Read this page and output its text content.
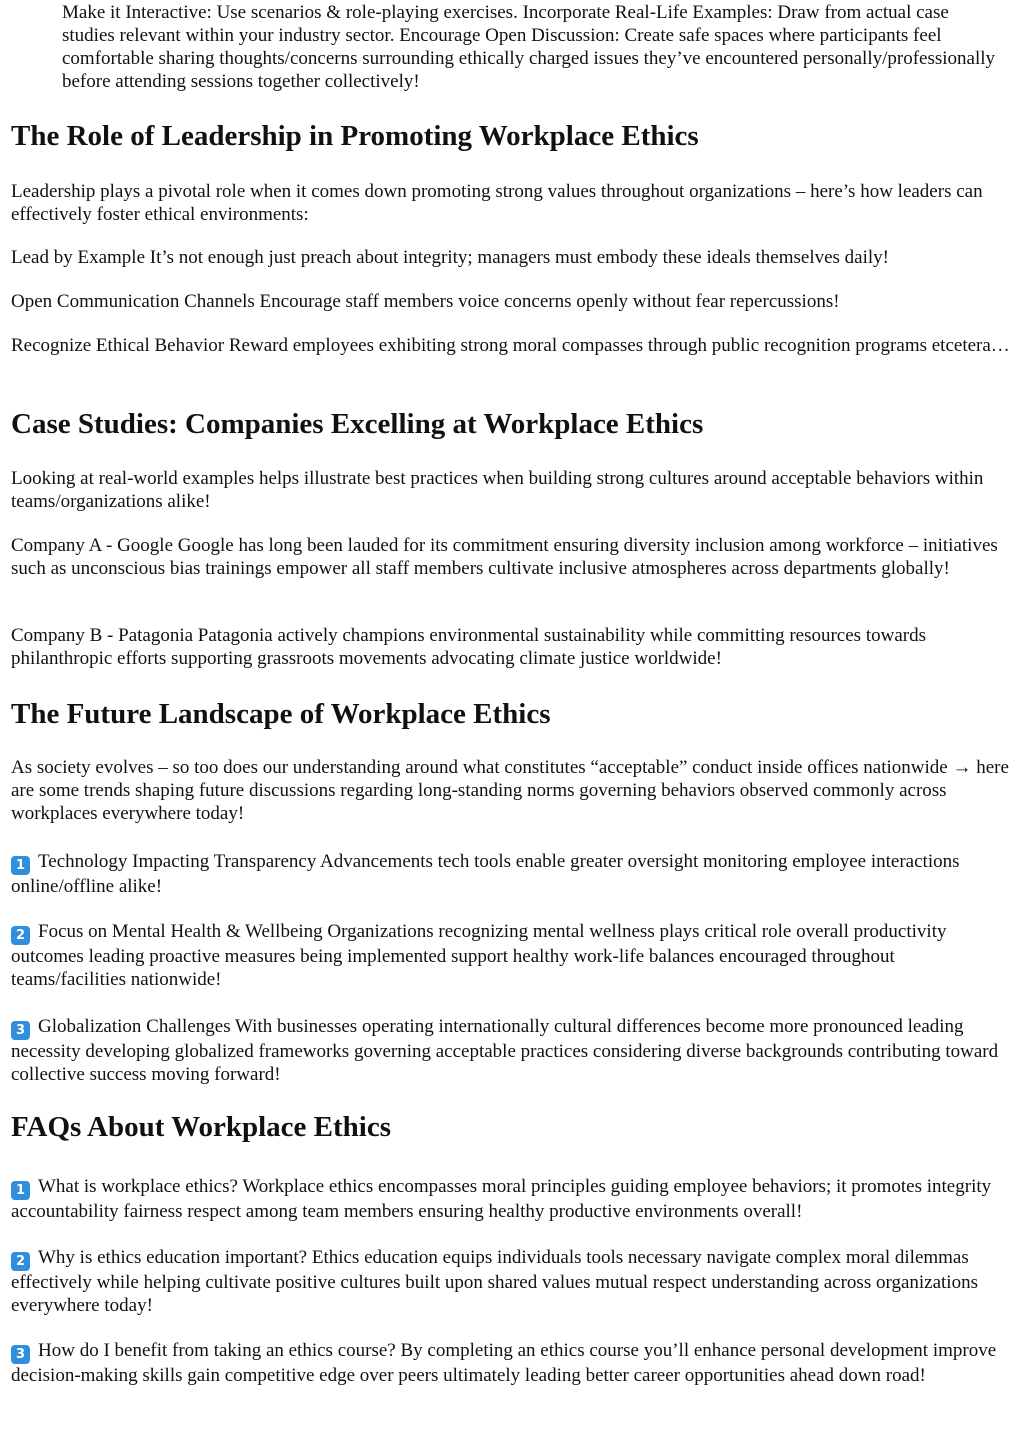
Make it Interactive: Use scenarios & role-playing exercises. Incorporate Real-Life Examples: Draw from actual case studies relevant within your industry sector. Encourage Open Discussion: Create safe spaces where participants feel comfortable sharing thoughts/concerns surrounding ethically charged issues they’ve encountered personally/professionally before attending sessions together collectively!

The Role of Leadership in Promoting Workplace Ethics

Leadership plays a pivotal role when it comes down promoting strong values throughout organizations – here’s how leaders can effectively foster ethical environments:

Lead by Example It’s not enough just preach about integrity; managers must embody these ideals themselves daily!

Open Communication Channels Encourage staff members voice concerns openly without fear repercussions!

Recognize Ethical Behavior Reward employees exhibiting strong moral compasses through public recognition programs etcetera…

Case Studies: Companies Excelling at Workplace Ethics

Looking at real-world examples helps illustrate best practices when building strong cultures around acceptable behaviors within teams/organizations alike!

Company A - Google Google has long been lauded for its commitment ensuring diversity inclusion among workforce – initiatives such as unconscious bias trainings empower all staff members cultivate inclusive atmospheres across departments globally!

Company B - Patagonia Patagonia actively champions environmental sustainability while committing resources towards philanthropic efforts supporting grassroots movements advocating climate justice worldwide!

The Future Landscape of Workplace Ethics

As society evolves – so too does our understanding around what constitutes “acceptable” conduct inside offices nationwide → here are some trends shaping future discussions regarding long-standing norms governing behaviors observed commonly across workplaces everywhere today!

1 Technology Impacting Transparency Advancements tech tools enable greater oversight monitoring employee interactions online/offline alike!

2 Focus on Mental Health & Wellbeing Organizations recognizing mental wellness plays critical role overall productivity outcomes leading proactive measures being implemented support healthy work-life balances encouraged throughout teams/facilities nationwide!

3 Globalization Challenges With businesses operating internationally cultural differences become more pronounced leading necessity developing globalized frameworks governing acceptable practices considering diverse backgrounds contributing toward collective success moving forward!

FAQs About Workplace Ethics

1 What is workplace ethics? Workplace ethics encompasses moral principles guiding employee behaviors; it promotes integrity accountability fairness respect among team members ensuring healthy productive environments overall!

2 Why is ethics education important? Ethics education equips individuals tools necessary navigate complex moral dilemmas effectively while helping cultivate positive cultures built upon shared values mutual respect understanding across organizations everywhere today!

3 How do I benefit from taking an ethics course? By completing an ethics course you’ll enhance personal development improve decision-making skills gain competitive edge over peers ultimately leading better career opportunities ahead down road!
